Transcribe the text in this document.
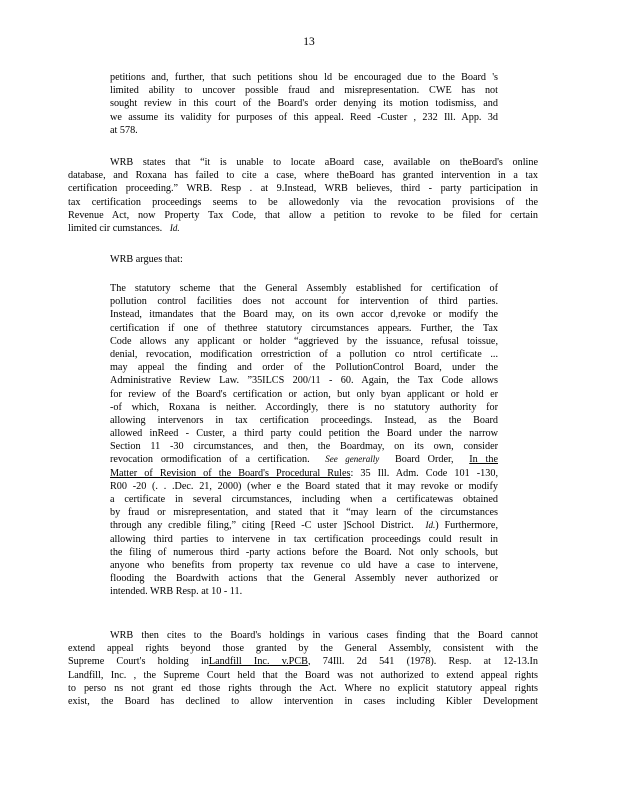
13
petitions and, further, that such petitions shou ld be encouraged due to the Board 's
limited ability to uncover possible fraud and misrepresentation. CWE has not
sought review in this court of the Board's order denying its motion todismiss, and
we assume its validity for purposes of this appeal. Reed -Custer , 232 Ill. App. 3d
at 578.
WRB states that “it is unable to locate aBoard case, available on theBoard's online
database, and Roxana has failed to cite a case, where theBoard has granted intervention in a tax
certification proceeding.” WRB. Resp . at 9.Instead, WRB believes, third - party participation in
tax certification proceedings seems to be allowedonly via the revocation provisions of the
Revenue Act, now Property Tax Code, that allow a petition to revoke to be filed for certain
limited cir cumstances. Id.
WRB argues that:
The statutory scheme that the General Assembly established for certification of
pollution control facilities does not account for intervention of third parties.
Instead, itmandates that the Board may, on its own accor d,revoke or modify the
certification if one of thethree statutory circumstances appears. Further, the Tax
Code allows any applicant or holder “aggrieved by the issuance, refusal toissue,
denial, revocation, modification orrestriction of a pollution co ntrol certificate ...
may appeal the finding and order of the PollutionControl Board, under the
Administrative Review Law. ”35ILCS 200/11 - 60. Again, the Tax Code allows
for review of the Board's certification or action, but only byan applicant or hold er
-of which, Roxana is neither. Accordingly, there is no statutory authority for
allowing intervenors in tax certification proceedings. Instead, as the Board
allowed inReed - Custer, a third party could petition the Board under the narrow
Section 11 -30 circumstances, and then, the Boardmay, on its own, consider
revocation ormodification of a certification. See generally Board Order, In the
Matter of Revision of the Board's Procedural Rules: 35 Ill. Adm. Code 101 -130,
R00 -20 (. . .Dec. 21, 2000) (wher e the Board stated that it may revoke or modify
a certificate in several circumstances, including when a certificatewas obtained
by fraud or misrepresentation, and stated that it “may learn of the circumstances
through any credible filing,” citing [Reed -C uster ]School District. Id.) Furthermore,
allowing third parties to intervene in tax certification proceedings could result in
the filing of numerous third -party actions before the Board. Not only schools, but
anyone who benefits from property tax revenue co uld have a case to intervene,
flooding the Boardwith actions that the General Assembly never authorized or
intended. WRB Resp. at 10 - 11.
WRB then cites to the Board's holdings in various cases finding that the Board cannot
extend appeal rights beyond those granted by the General Assembly, consistent with the
Supreme Court's holding inLandfill Inc. v.PCB, 74Ill. 2d 541 (1978). Resp. at 12-13.In
Landfill, Inc. , the Supreme Court held that the Board was not authorized to extend appeal rights
to perso ns not grant ed those rights through the Act. Where no explicit statutory appeal rights
exist, the Board has declined to allow intervention in cases including Kibler Development
